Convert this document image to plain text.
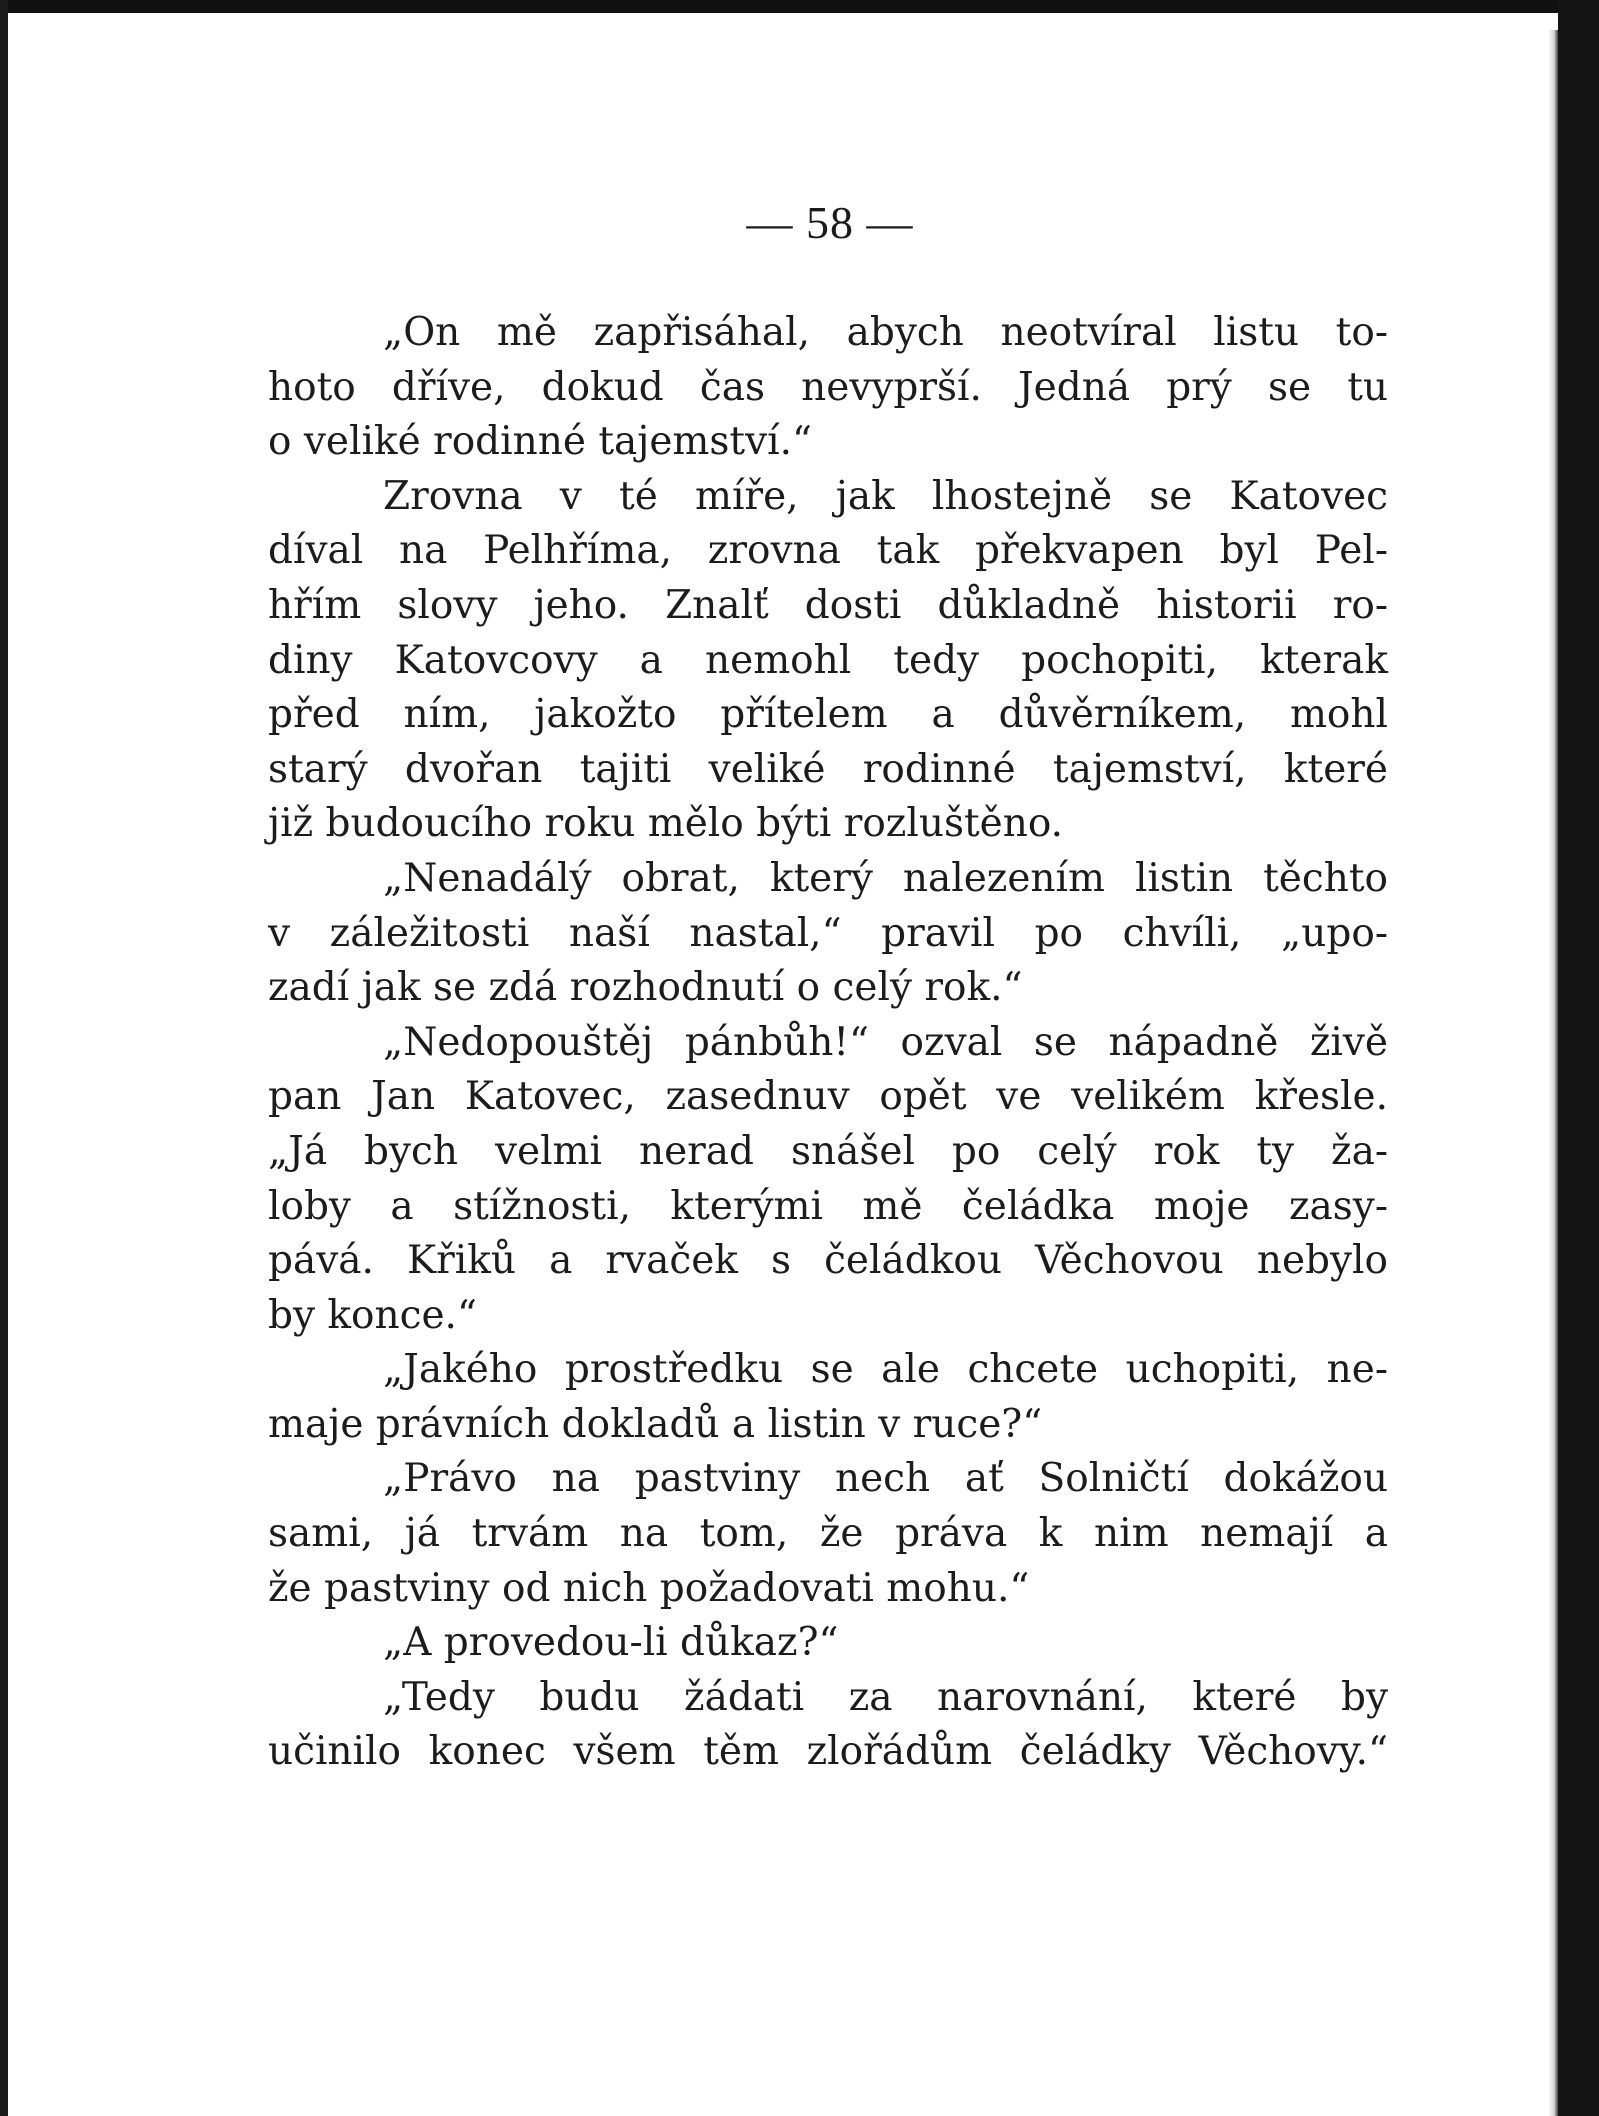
— 58 —
„On mě zapřisáhal, abych neotvíral listu to-
hoto dříve, dokud čas nevyprší. Jedná prý se tu
o veliké rodinné tajemství.“
Zrovna v té míře, jak lhostejně se Katovec
díval na Pelhříma, zrovna tak překvapen byl Pel-
hřím slovy jeho. Znalť dosti důkladně historii ro-
diny Katovcovy a nemohl tedy pochopiti, kterak
před ním, jakožto přítelem a důvěrníkem, mohl
starý dvořan tajiti veliké rodinné tajemství, které
již budoucího roku mělo býti rozluštěno.
„Nenadálý obrat, který nalezením listin těchto
v záležitosti naší nastal,“ pravil po chvíli, „upo-
zadí jak se zdá rozhodnutí o celý rok.“
„Nedopouštěj pánbůh!“ ozval se nápadně živě
pan Jan Katovec, zasednuv opět ve velikém křesle.
„Já bych velmi nerad snášel po celý rok ty ža-
loby a stížnosti, kterými mě čeládka moje zasy-
pává. Křiků a rvaček s čeládkou Věchovou nebylo
by konce.“
„Jakého prostředku se ale chcete uchopiti, ne-
maje právních dokladů a listin v ruce?“
„Právo na pastviny nech ať Solničtí dokážou
sami, já trvám na tom, že práva k nim nemají a
že pastviny od nich požadovati mohu.“
„A provedou-li důkaz?“
„Tedy budu žádati za narovnání, které by
učinilo konec všem těm zlořádům čeládky Věchovy.“
